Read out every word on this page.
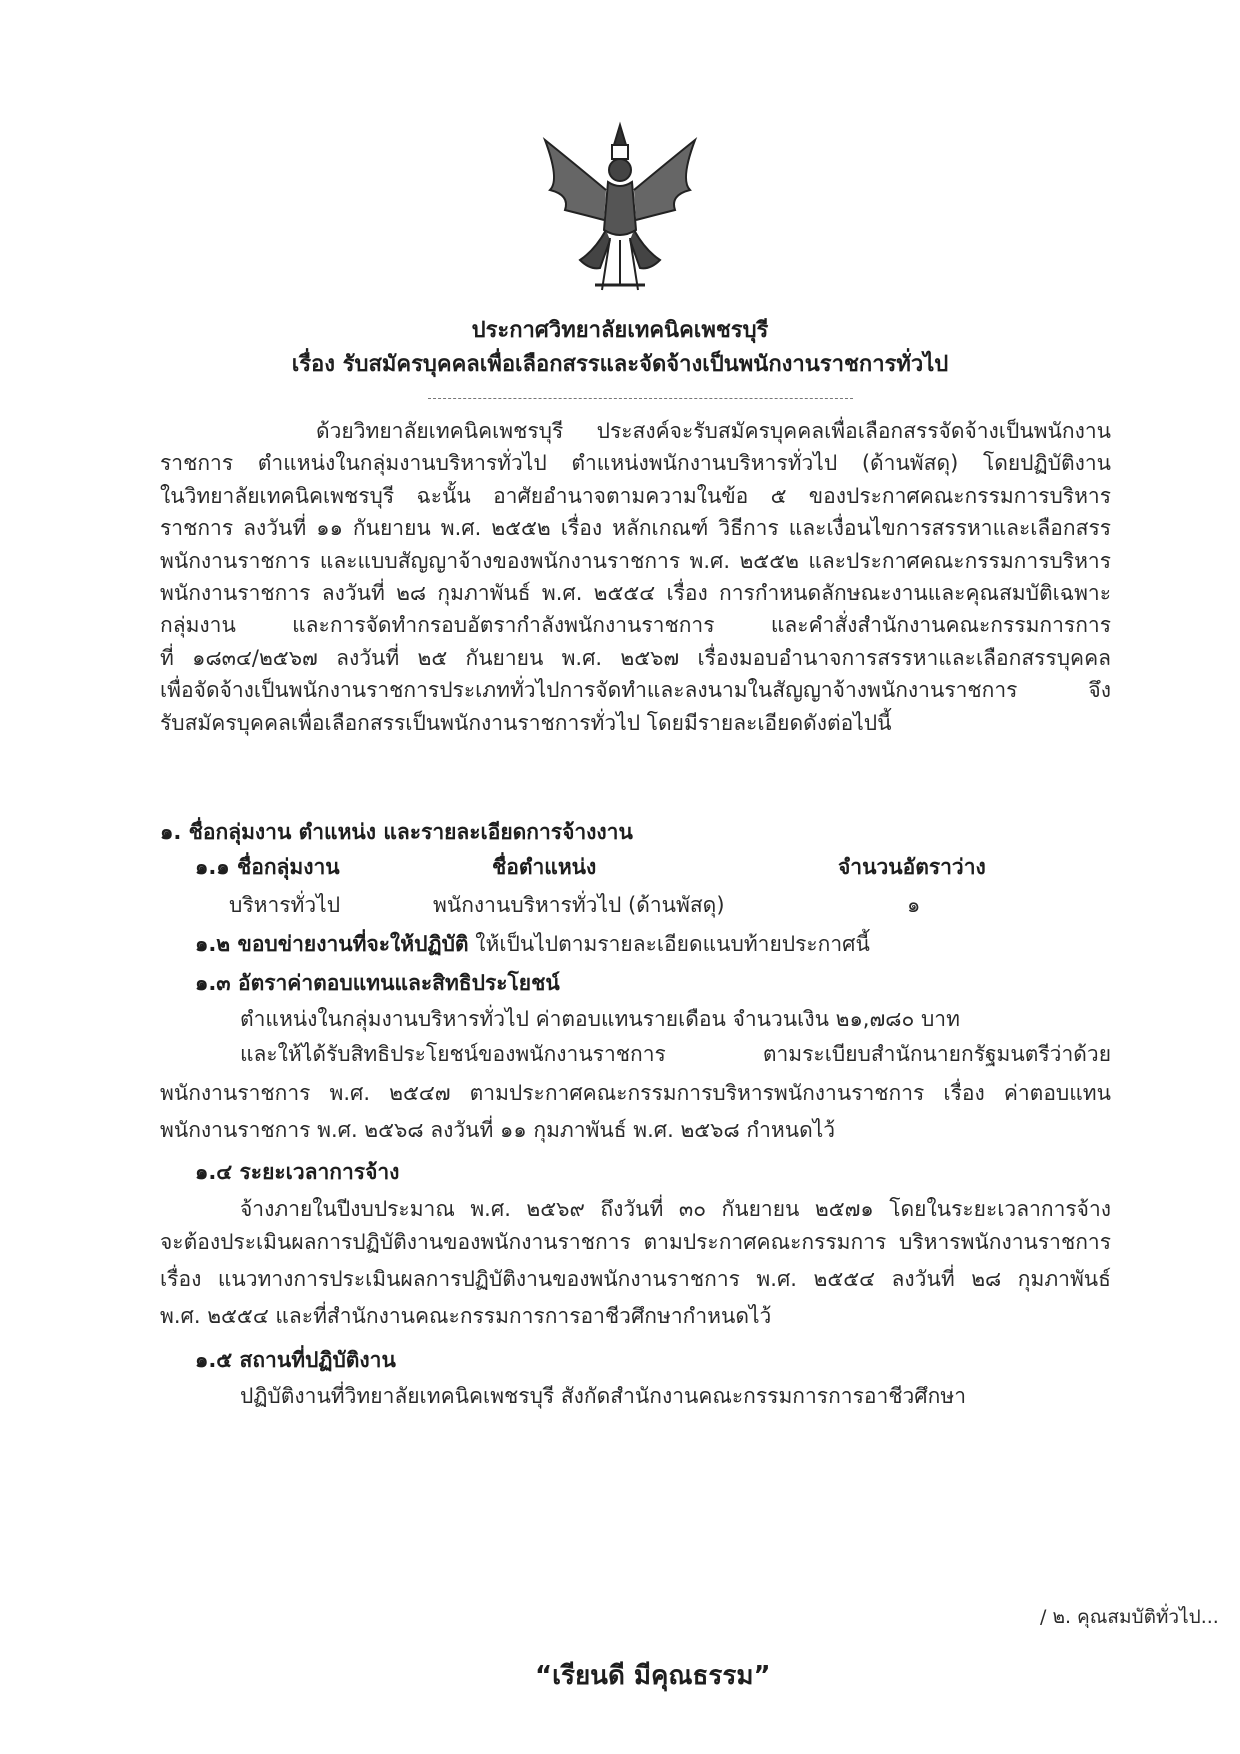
ประกาศวิทยาลัยเทคนิคเพชรบุรี
เรื่อง รับสมัครบุคคลเพื่อเลือกสรรและจัดจ้างเป็นพนักงานราชการทั่วไป
ด้วยวิทยาลัยเทคนิคเพชรบุรี ประสงค์จะรับสมัครบุคคลเพื่อเลือกสรรจัดจ้างเป็นพนักงาน
ราชการ ตำแหน่งในกลุ่มงานบริหารทั่วไป ตำแหน่งพนักงานบริหารทั่วไป (ด้านพัสดุ) โดยปฏิบัติงาน
ในวิทยาลัยเทคนิคเพชรบุรี ฉะนั้น อาศัยอำนาจตามความในข้อ ๕ ของประกาศคณะกรรมการบริหาร
ราชการ ลงวันที่ ๑๑ กันยายน พ.ศ. ๒๕๕๒ เรื่อง หลักเกณฑ์ วิธีการ และเงื่อนไขการสรรหาและเลือกสรร
พนักงานราชการ และแบบสัญญาจ้างของพนักงานราชการ พ.ศ. ๒๕๕๒ และประกาศคณะกรรมการบริหาร
พนักงานราชการ ลงวันที่ ๒๘ กุมภาพันธ์ พ.ศ. ๒๕๕๔ เรื่อง การกำหนดลักษณะงานและคุณสมบัติเฉพาะ
กลุ่มงาน และการจัดทำกรอบอัตรากำลังพนักงานราชการ และคำสั่งสำนักงานคณะกรรมการการ
ที่ ๑๘๓๔/๒๕๖๗ ลงวันที่ ๒๕ กันยายน พ.ศ. ๒๕๖๗ เรื่องมอบอำนาจการสรรหาและเลือกสรรบุคคล
เพื่อจัดจ้างเป็นพนักงานราชการประเภททั่วไปการจัดทำและลงนามในสัญญาจ้างพนักงานราชการ จึง
รับสมัครบุคคลเพื่อเลือกสรรเป็นพนักงานราชการทั่วไป โดยมีรายละเอียดดังต่อไปนี้
๑. ชื่อกลุ่มงาน ตำแหน่ง และรายละเอียดการจ้างงาน
๑.๑ ชื่อกลุ่มงาน	ชื่อตำแหน่ง	จำนวนอัตราว่าง
บริหารทั่วไป	พนักงานบริหารทั่วไป (ด้านพัสดุ)	๑
๑.๒ ขอบข่ายงานที่จะให้ปฏิบัติ ให้เป็นไปตามรายละเอียดแนบท้ายประกาศนี้
๑.๓ อัตราค่าตอบแทนและสิทธิประโยชน์
ตำแหน่งในกลุ่มงานบริหารทั่วไป ค่าตอบแทนรายเดือน จำนวนเงิน ๒๑,๗๘๐ บาท
และให้ได้รับสิทธิประโยชน์ของพนักงานราชการ ตามระเบียบสำนักนายกรัฐมนตรีว่าด้วย
พนักงานราชการ พ.ศ. ๒๕๔๗ ตามประกาศคณะกรรมการบริหารพนักงานราชการ เรื่อง ค่าตอบแทน
พนักงานราชการ พ.ศ. ๒๕๖๘ ลงวันที่ ๑๑ กุมภาพันธ์ พ.ศ. ๒๕๖๘ กำหนดไว้
๑.๔ ระยะเวลาการจ้าง
จ้างภายในปีงบประมาณ พ.ศ. ๒๕๖๙ ถึงวันที่ ๓๐ กันยายน ๒๕๗๑ โดยในระยะเวลาการจ้าง
จะต้องประเมินผลการปฏิบัติงานของพนักงานราชการ ตามประกาศคณะกรรมการ บริหารพนักงานราชการ
เรื่อง แนวทางการประเมินผลการปฏิบัติงานของพนักงานราชการ พ.ศ. ๒๕๕๔ ลงวันที่ ๒๘ กุมภาพันธ์
พ.ศ. ๒๕๕๔ และที่สำนักงานคณะกรรมการการอาชีวศึกษากำหนดไว้
๑.๕ สถานที่ปฏิบัติงาน
ปฏิบัติงานที่วิทยาลัยเทคนิคเพชรบุรี สังกัดสำนักงานคณะกรรมการการอาชีวศึกษา
/ ๒. คุณสมบัติทั่วไป...
“เรียนดี มีคุณธรรม”
